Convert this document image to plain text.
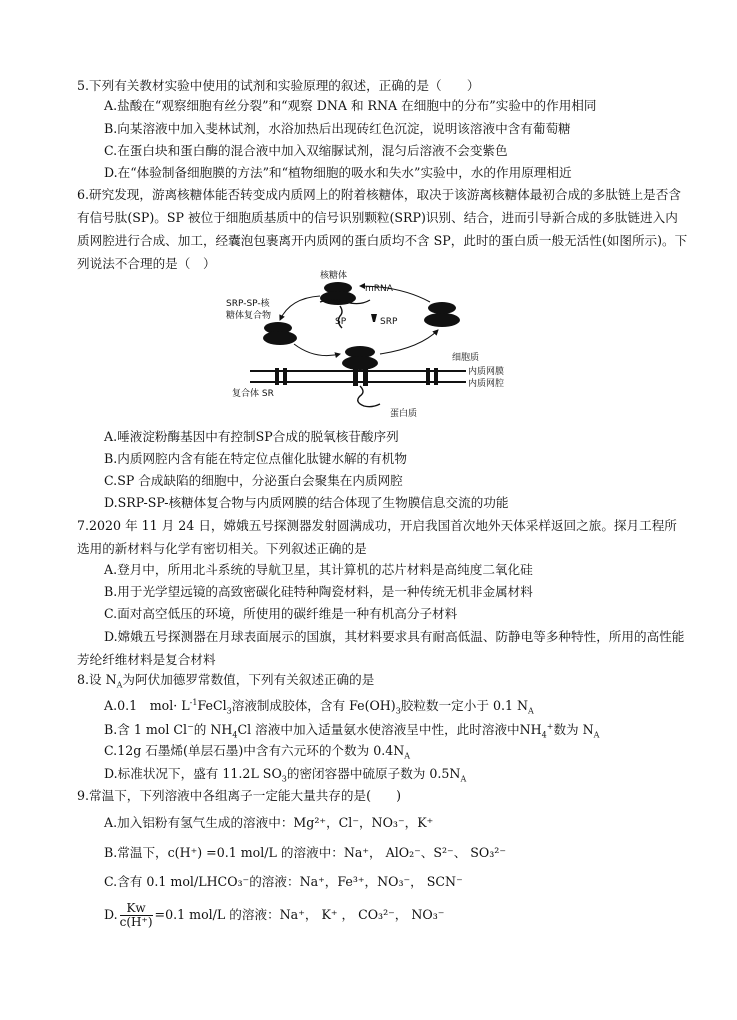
5.下列有关教材实验中使用的试剂和实验原理的叙述，正确的是（　　）
A.盐酸在“观察细胞有丝分裂”和“观察 DNA 和 RNA 在细胞中的分布”实验中的作用相同
B.向某溶液中加入斐林试剂，水浴加热后出现砖红色沉淀，说明该溶液中含有葡萄糖
C.在蛋白块和蛋白酶的混合液中加入双缩脲试剂，混匀后溶液不会变紫色
D.在“体验制备细胞膜的方法”和“植物细胞的吸水和失水”实验中，水的作用原理相近
6.研究发现，游离核糖体能否转变成内质网上的附着核糖体，取决于该游离核糖体最初合成的多肽链上是否含有信号肽(SP)。SP 被位于细胞质基质中的信号识别颗粒(SRP)识别、结合，进而引导新合成的多肽链进入内质网腔进行合成、加工，经囊泡包裹离开内质网的蛋白质均不含 SP，此时的蛋白质一般无活性(如图所示)。下列说法不合理的是（　）
核糖体
mRNA
SP	SRP
SRP-SP-核
糖体复合物
细胞质
内质网膜
内质网腔
复合体 SR
蛋白质
A.唾液淀粉酶基因中有控制SP合成的脱氧核苷酸序列
B.内质网腔内含有能在特定位点催化肽键水解的有机物
C.SP 合成缺陷的细胞中，分泌蛋白会聚集在内质网腔
D.SRP-SP-核糖体复合物与内质网膜的结合体现了生物膜信息交流的功能
7.2020 年 11 月 24 日，嫦娥五号探测器发射圆满成功，开启我国首次地外天体采样返回之旅。探月工程所选用的新材料与化学有密切相关。下列叙述正确的是
A.登月中，所用北斗系统的导航卫星，其计算机的芯片材料是高纯度二氧化硅
B.用于光学望远镜的高致密碳化硅特种陶瓷材料，是一种传统无机非金属材料
C.面对高空低压的环境，所使用的碳纤维是一种有机高分子材料
D.嫦娥五号探测器在月球表面展示的国旗，其材料要求具有耐高低温、防静电等多种特性，所用的高性能芳纶纤维材料是复合材料
8.设 $N_A$为阿伏加德罗常数值，下列有关叙述正确的是
A.0.1　$mol\cdot L^{-1}FeCl_3$溶液制成胶体，含有 $Fe(OH)_3$胶粒数一定小于 0.1 $N_A$
B.含 1 mol Cl−的 $NH_4Cl$ 溶液中加入适量氨水使溶液呈中性，此时溶液中$NH_4^+$数为 $N_A$
C.12g 石墨烯(单层石墨)中含有六元环的个数为 $0.4N_A$
D.标准状况下，盛有 11.2L $SO_3$的密闭容器中硫原子数为 $0.5N_A$
9.常温下，下列溶液中各组离子一定能大量共存的是(　　)
A.加入铝粉有氢气生成的溶液中：Mg²⁺，Cl⁻，NO₃⁻，K⁺
B.常温下，c(H⁺) =0.1 mol/L 的溶液中：Na⁺， AlO₂⁻、S²⁻、 SO₃²⁻
C.含有 0.1 mol/LHCO₃⁻的溶液：Na⁺，Fe³⁺，NO₃⁻， SCN⁻
D. $\frac{Kw}{c(H^+)} =0.1$ mol/L 的溶液：Na⁺， K⁺ ， CO₃²⁻， NO₃⁻
